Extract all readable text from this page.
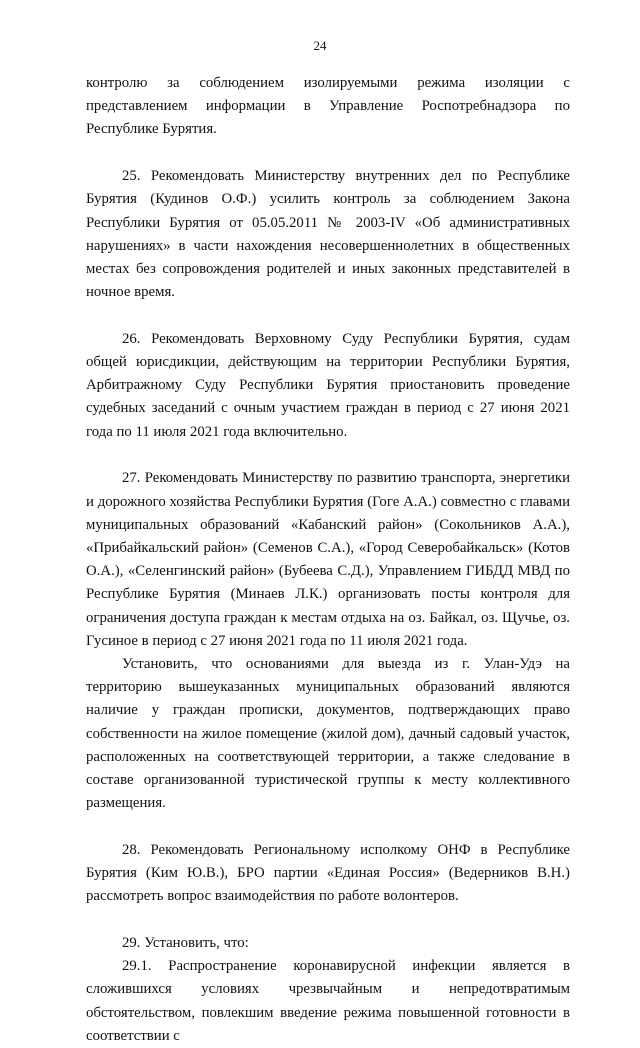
24

контролю за соблюдением изолируемыми режима изоляции с представлением информации в Управление Роспотребнадзора по Республике Бурятия.

25. Рекомендовать Министерству внутренних дел по Республике Бурятия (Кудинов О.Ф.) усилить контроль за соблюдением Закона Республики Бурятия от 05.05.2011 № 2003-IV «Об административных нарушениях» в части нахождения несовершеннолетних в общественных местах без сопровождения родителей и иных законных представителей в ночное время.

26. Рекомендовать Верховному Суду Республики Бурятия, судам общей юрисдикции, действующим на территории Республики Бурятия, Арбитражному Суду Республики Бурятия приостановить проведение судебных заседаний с очным участием граждан в период с 27 июня 2021 года по 11 июля 2021 года включительно.

27. Рекомендовать Министерству по развитию транспорта, энергетики и дорожного хозяйства Республики Бурятия (Гоге А.А.) совместно с главами муниципальных образований «Кабанский район» (Сокольников А.А.), «Прибайкальский район» (Семенов С.А.), «Город Северобайкальск» (Котов О.А.), «Селенгинский район» (Бубеева С.Д.), Управлением ГИБДД МВД по Республике Бурятия (Минаев Л.К.) организовать посты контроля для ограничения доступа граждан к местам отдыха на оз. Байкал, оз. Щучье, оз. Гусиное в период с 27 июня 2021 года по 11 июля 2021 года.

Установить, что основаниями для выезда из г. Улан-Удэ на территорию вышеуказанных муниципальных образований являются наличие у граждан прописки, документов, подтверждающих право собственности на жилое помещение (жилой дом), дачный садовый участок, расположенных на соответствующей территории, а также следование в составе организованной туристической группы к месту коллективного размещения.

28. Рекомендовать Региональному исполкому ОНФ в Республике Бурятия (Ким Ю.В.), БРО партии «Единая Россия» (Ведерников В.Н.) рассмотреть вопрос взаимодействия по работе волонтеров.

29. Установить, что:

29.1. Распространение коронавирусной инфекции является в сложившихся условиях чрезвычайным и непредотвратимым обстоятельством, повлекшим введение режима повышенной готовности в соответствии с
